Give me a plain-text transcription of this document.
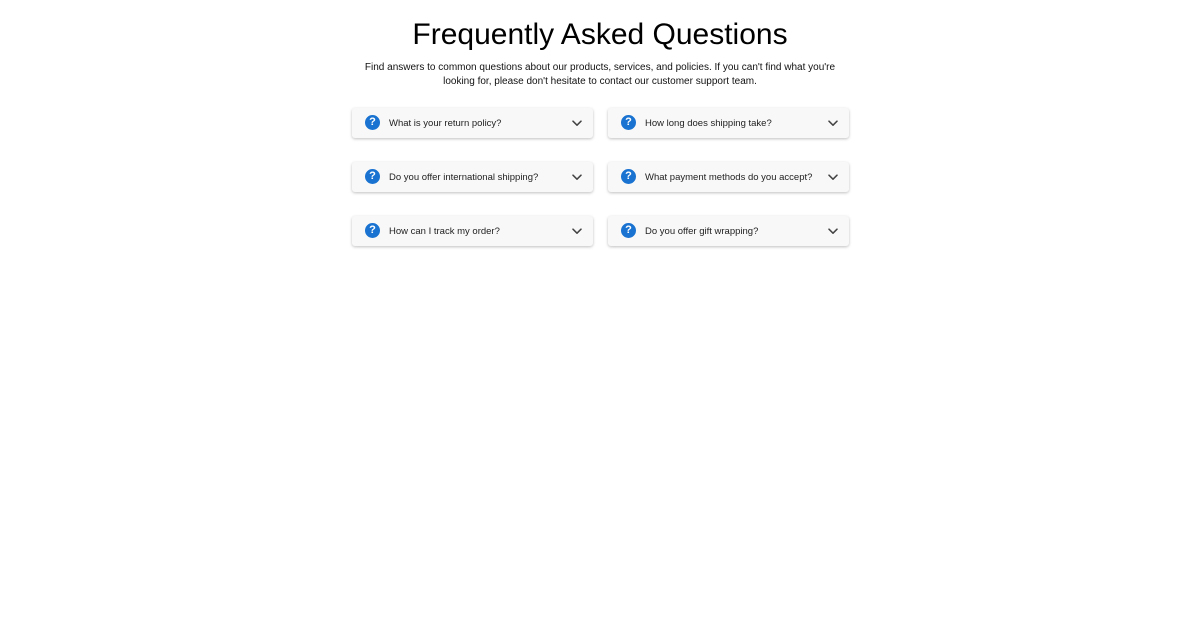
Frequently Asked Questions

Find answers to common questions about our products, services, and policies. If you can't find what you're looking for, please don't hesitate to contact our customer support team.

?	What is your return policy?	?	How long does shipping take?
?	Do you offer international shipping?	?	What payment methods do you accept?
?	How can I track my order?	?	Do you offer gift wrapping?
